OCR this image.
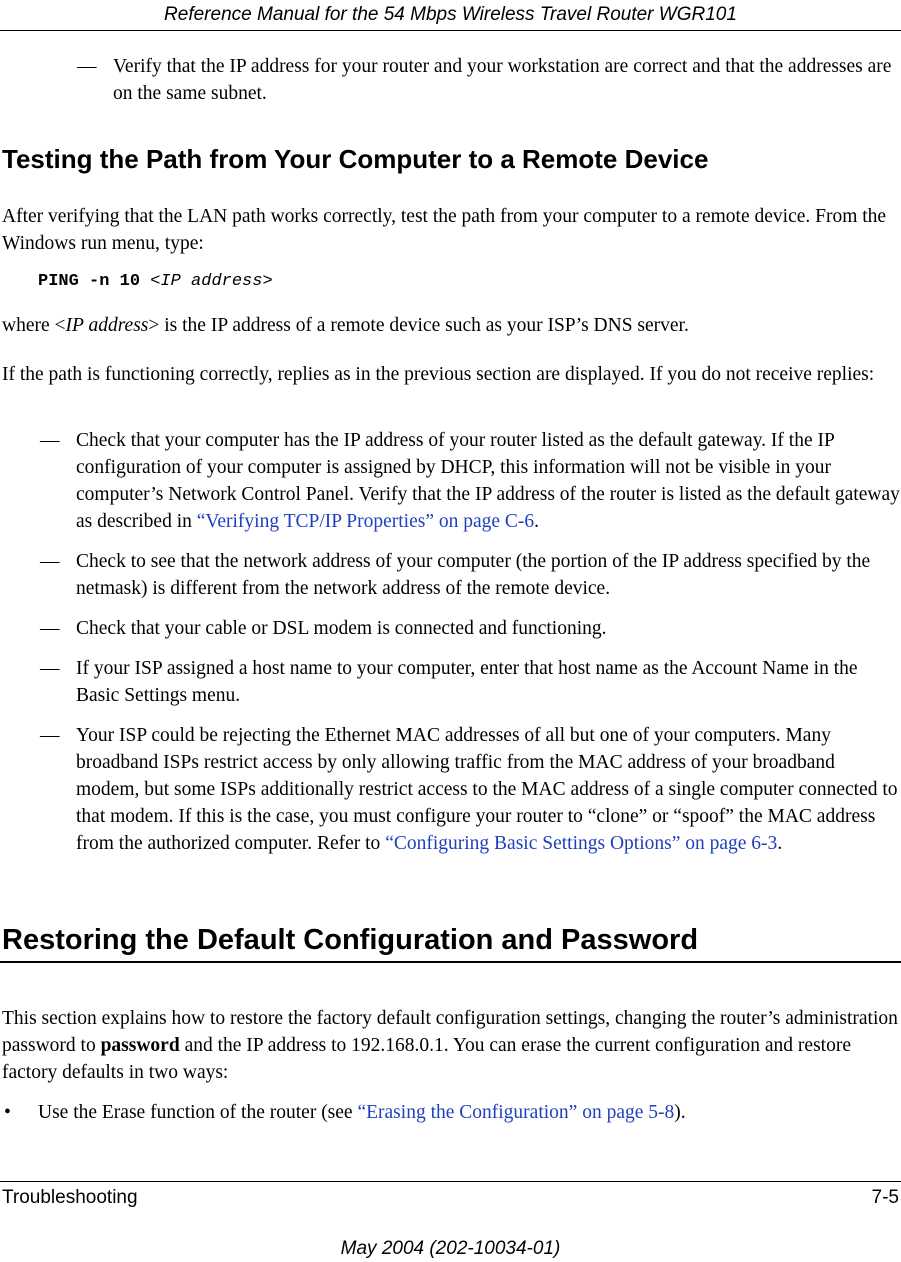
Reference Manual for the 54 Mbps Wireless Travel Router WGR101
— Verify that the IP address for your router and your workstation are correct and that the addresses are on the same subnet.
Testing the Path from Your Computer to a Remote Device
After verifying that the LAN path works correctly, test the path from your computer to a remote device. From the Windows run menu, type:
PING -n 10 <IP address>
where <IP address> is the IP address of a remote device such as your ISP’s DNS server.
If the path is functioning correctly, replies as in the previous section are displayed. If you do not receive replies:
— Check that your computer has the IP address of your router listed as the default gateway. If the IP configuration of your computer is assigned by DHCP, this information will not be visible in your computer’s Network Control Panel. Verify that the IP address of the router is listed as the default gateway as described in “Verifying TCP/IP Properties” on page C-6.
— Check to see that the network address of your computer (the portion of the IP address specified by the netmask) is different from the network address of the remote device.
— Check that your cable or DSL modem is connected and functioning.
— If your ISP assigned a host name to your computer, enter that host name as the Account Name in the Basic Settings menu.
— Your ISP could be rejecting the Ethernet MAC addresses of all but one of your computers. Many broadband ISPs restrict access by only allowing traffic from the MAC address of your broadband modem, but some ISPs additionally restrict access to the MAC address of a single computer connected to that modem. If this is the case, you must configure your router to “clone” or “spoof” the MAC address from the authorized computer. Refer to “Configuring Basic Settings Options” on page 6-3.
Restoring the Default Configuration and Password
This section explains how to restore the factory default configuration settings, changing the router’s administration password to password and the IP address to 192.168.0.1. You can erase the current configuration and restore factory defaults in two ways:
• Use the Erase function of the router (see “Erasing the Configuration” on page 5-8).
Troubleshooting	7-5
May 2004 (202-10034-01)
